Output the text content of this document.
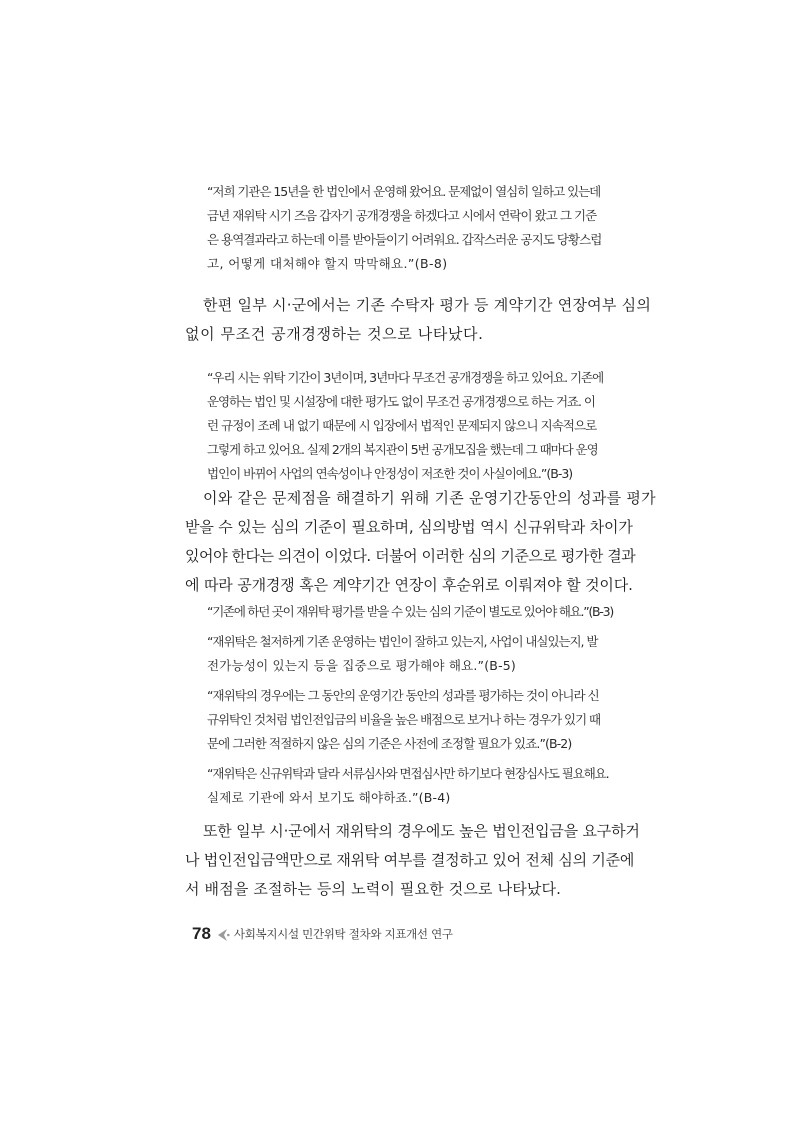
“저희 기관은 15년을 한 법인에서 운영해 왔어요. 문제없이 열심히 일하고 있는데
금년 재위탁 시기 즈음 갑자기 공개경쟁을 하겠다고 시에서 연락이 왔고 그 기준
은 용역결과라고 하는데 이를 받아들이기 어려워요. 갑작스러운 공지도 당황스럽
고, 어떻게 대처해야 할지 막막해요.”(B-8)
한편 일부 시·군에서는 기존 수탁자 평가 등 계약기간 연장여부 심의
없이 무조건 공개경쟁하는 것으로 나타났다.
“우리 시는 위탁 기간이 3년이며, 3년마다 무조건 공개경쟁을 하고 있어요. 기존에
운영하는 법인 및 시설장에 대한 평가도 없이 무조건 공개경쟁으로 하는 거죠. 이
런 규정이 조례 내 없기 때문에 시 입장에서 법적인 문제되지 않으니 지속적으로
그렇게 하고 있어요. 실제 2개의 복지관이 5번 공개모집을 했는데 그 때마다 운영
법인이 바뀌어 사업의 연속성이나 안정성이 저조한 것이 사실이에요.”(B-3)
이와 같은 문제점을 해결하기 위해 기존 운영기간동안의 성과를 평가
받을 수 있는 심의 기준이 필요하며, 심의방법 역시 신규위탁과 차이가
있어야 한다는 의견이 이었다. 더불어 이러한 심의 기준으로 평가한 결과
에 따라 공개경쟁 혹은 계약기간 연장이 후순위로 이뤄져야 할 것이다.
“기존에 하던 곳이 재위탁 평가를 받을 수 있는 심의 기준이 별도로 있어야 해요.”(B-3)
“재위탁은 철저하게 기존 운영하는 법인이 잘하고 있는지, 사업이 내실있는지, 발
전가능성이 있는지 등을 집중으로 평가해야 해요.”(B-5)
“재위탁의 경우에는 그 동안의 운영기간 동안의 성과를 평가하는 것이 아니라 신
규위탁인 것처럼 법인전입금의 비율을 높은 배점으로 보거나 하는 경우가 있기 때
문에 그러한 적절하지 않은 심의 기준은 사전에 조정할 필요가 있죠.”(B-2)
“재위탁은 신규위탁과 달라 서류심사와 면접심사만 하기보다 현장심사도 필요해요.
실제로 기관에 와서 보기도 해야하죠.”(B-4)
또한 일부 시·군에서 재위탁의 경우에도 높은 법인전입금을 요구하거
나 법인전입금액만으로 재위탁 여부를 결정하고 있어 전체 심의 기준에
서 배점을 조절하는 등의 노력이 필요한 것으로 나타났다.
78 사회복지시설 민간위탁 절차와 지표개선 연구
